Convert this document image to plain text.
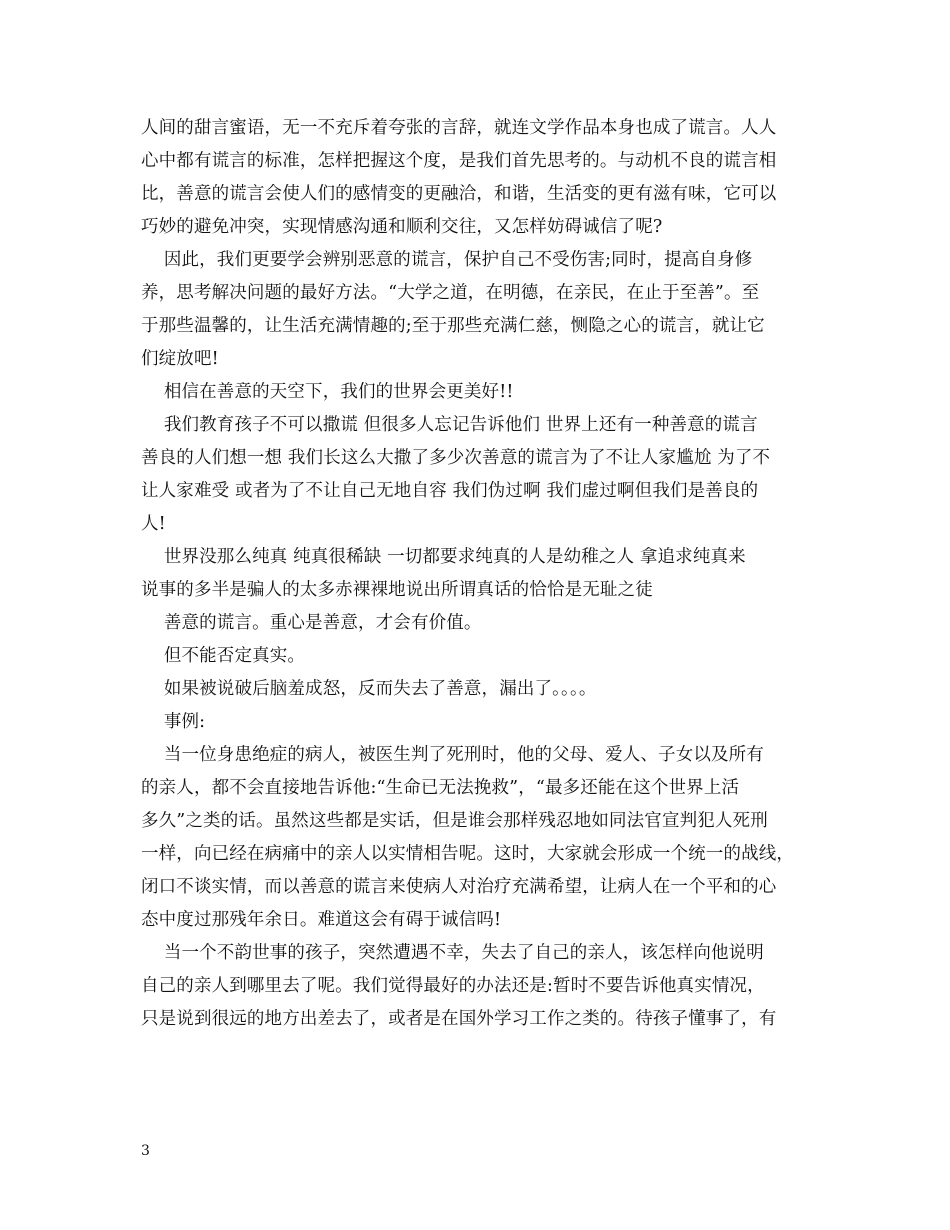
人间的甜言蜜语，无一不充斥着夸张的言辞，就连文学作品本身也成了谎言。人人
心中都有谎言的标准，怎样把握这个度，是我们首先思考的。与动机不良的谎言相
比，善意的谎言会使人们的感情变的更融洽，和谐，生活变的更有滋有味，它可以
巧妙的避免冲突，实现情感沟通和顺利交往，又怎样妨碍诚信了呢?
因此，我们更要学会辨别恶意的谎言，保护自己不受伤害;同时，提高自身修
养，思考解决问题的最好方法。“大学之道，在明德，在亲民，在止于至善”。至
于那些温馨的，让生活充满情趣的;至于那些充满仁慈，恻隐之心的谎言，就让它
们绽放吧!
相信在善意的天空下，我们的世界会更美好!!
我们教育孩子不可以撒谎 但很多人忘记告诉他们 世界上还有一种善意的谎言
善良的人们想一想 我们长这么大撒了多少次善意的谎言为了不让人家尴尬 为了不
让人家难受 或者为了不让自己无地自容 我们伪过啊 我们虚过啊但我们是善良的
人!
世界没那么纯真 纯真很稀缺 一切都要求纯真的人是幼稚之人 拿追求纯真来
说事的多半是骗人的太多赤裸裸地说出所谓真话的恰恰是无耻之徒
善意的谎言。重心是善意，才会有价值。
但不能否定真实。
如果被说破后脑羞成怒，反而失去了善意，漏出了。。。。
事例:
当一位身患绝症的病人，被医生判了死刑时，他的父母、爱人、子女以及所有
的亲人，都不会直接地告诉他:“生命已无法挽救”，“最多还能在这个世界上活
多久”之类的话。虽然这些都是实话，但是谁会那样残忍地如同法官宣判犯人死刑
一样，向已经在病痛中的亲人以实情相告呢。这时，大家就会形成一个统一的战线，
闭口不谈实情，而以善意的谎言来使病人对治疗充满希望，让病人在一个平和的心
态中度过那残年余日。难道这会有碍于诚信吗!
当一个不韵世事的孩子，突然遭遇不幸，失去了自己的亲人，该怎样向他说明
自己的亲人到哪里去了呢。我们觉得最好的办法还是:暂时不要告诉他真实情况，
只是说到很远的地方出差去了，或者是在国外学习工作之类的。待孩子懂事了，有
3
